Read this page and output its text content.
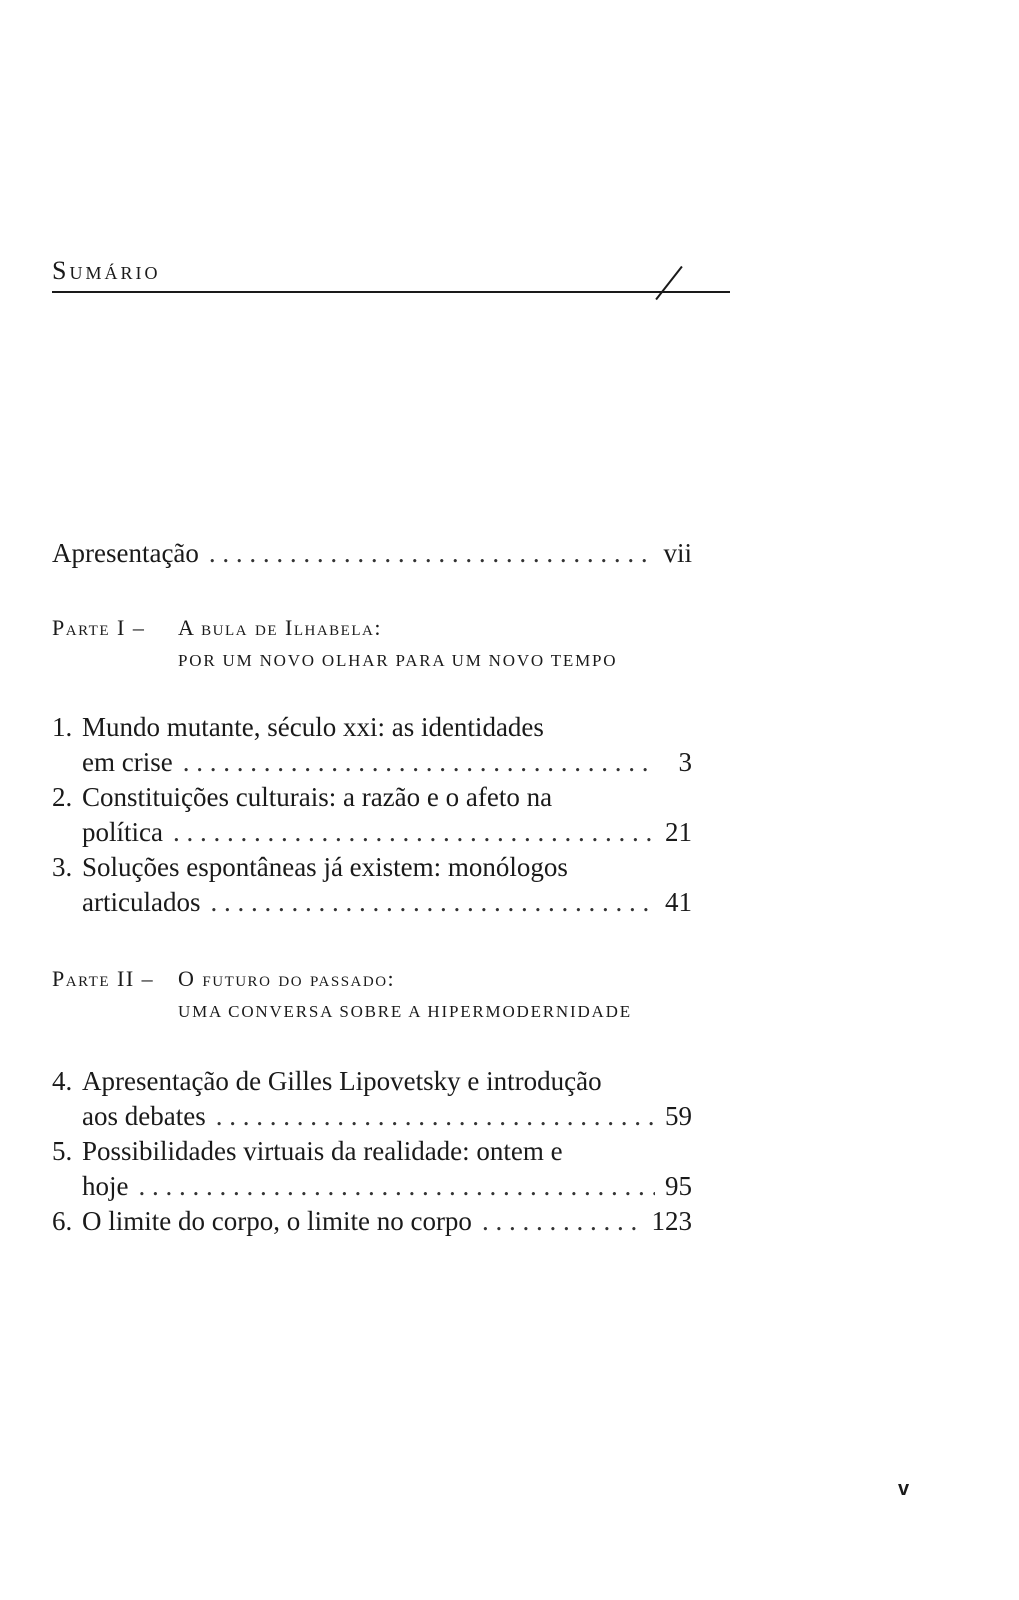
Sumário
Apresentação . . .	vii
Parte I –	A bula de Ilhabela:
POR UM NOVO OLHAR PARA UM NOVO TEMPO
1. Mundo mutante, século xxi: as identidades
em crise . . .	3
2. Constituições culturais: a razão e o afeto na
política . . .	21
3. Soluções espontâneas já existem: monólogos
articulados . . .	41
Parte II –	O futuro do passado:
UMA CONVERSA SOBRE A HIPERMODERNIDADE
4. Apresentação de Gilles Lipovetsky e introdução
aos debates . . .	59
5. Possibilidades virtuais da realidade: ontem e
hoje . . .	95
6. O limite do corpo, o limite no corpo . . .	123
v
